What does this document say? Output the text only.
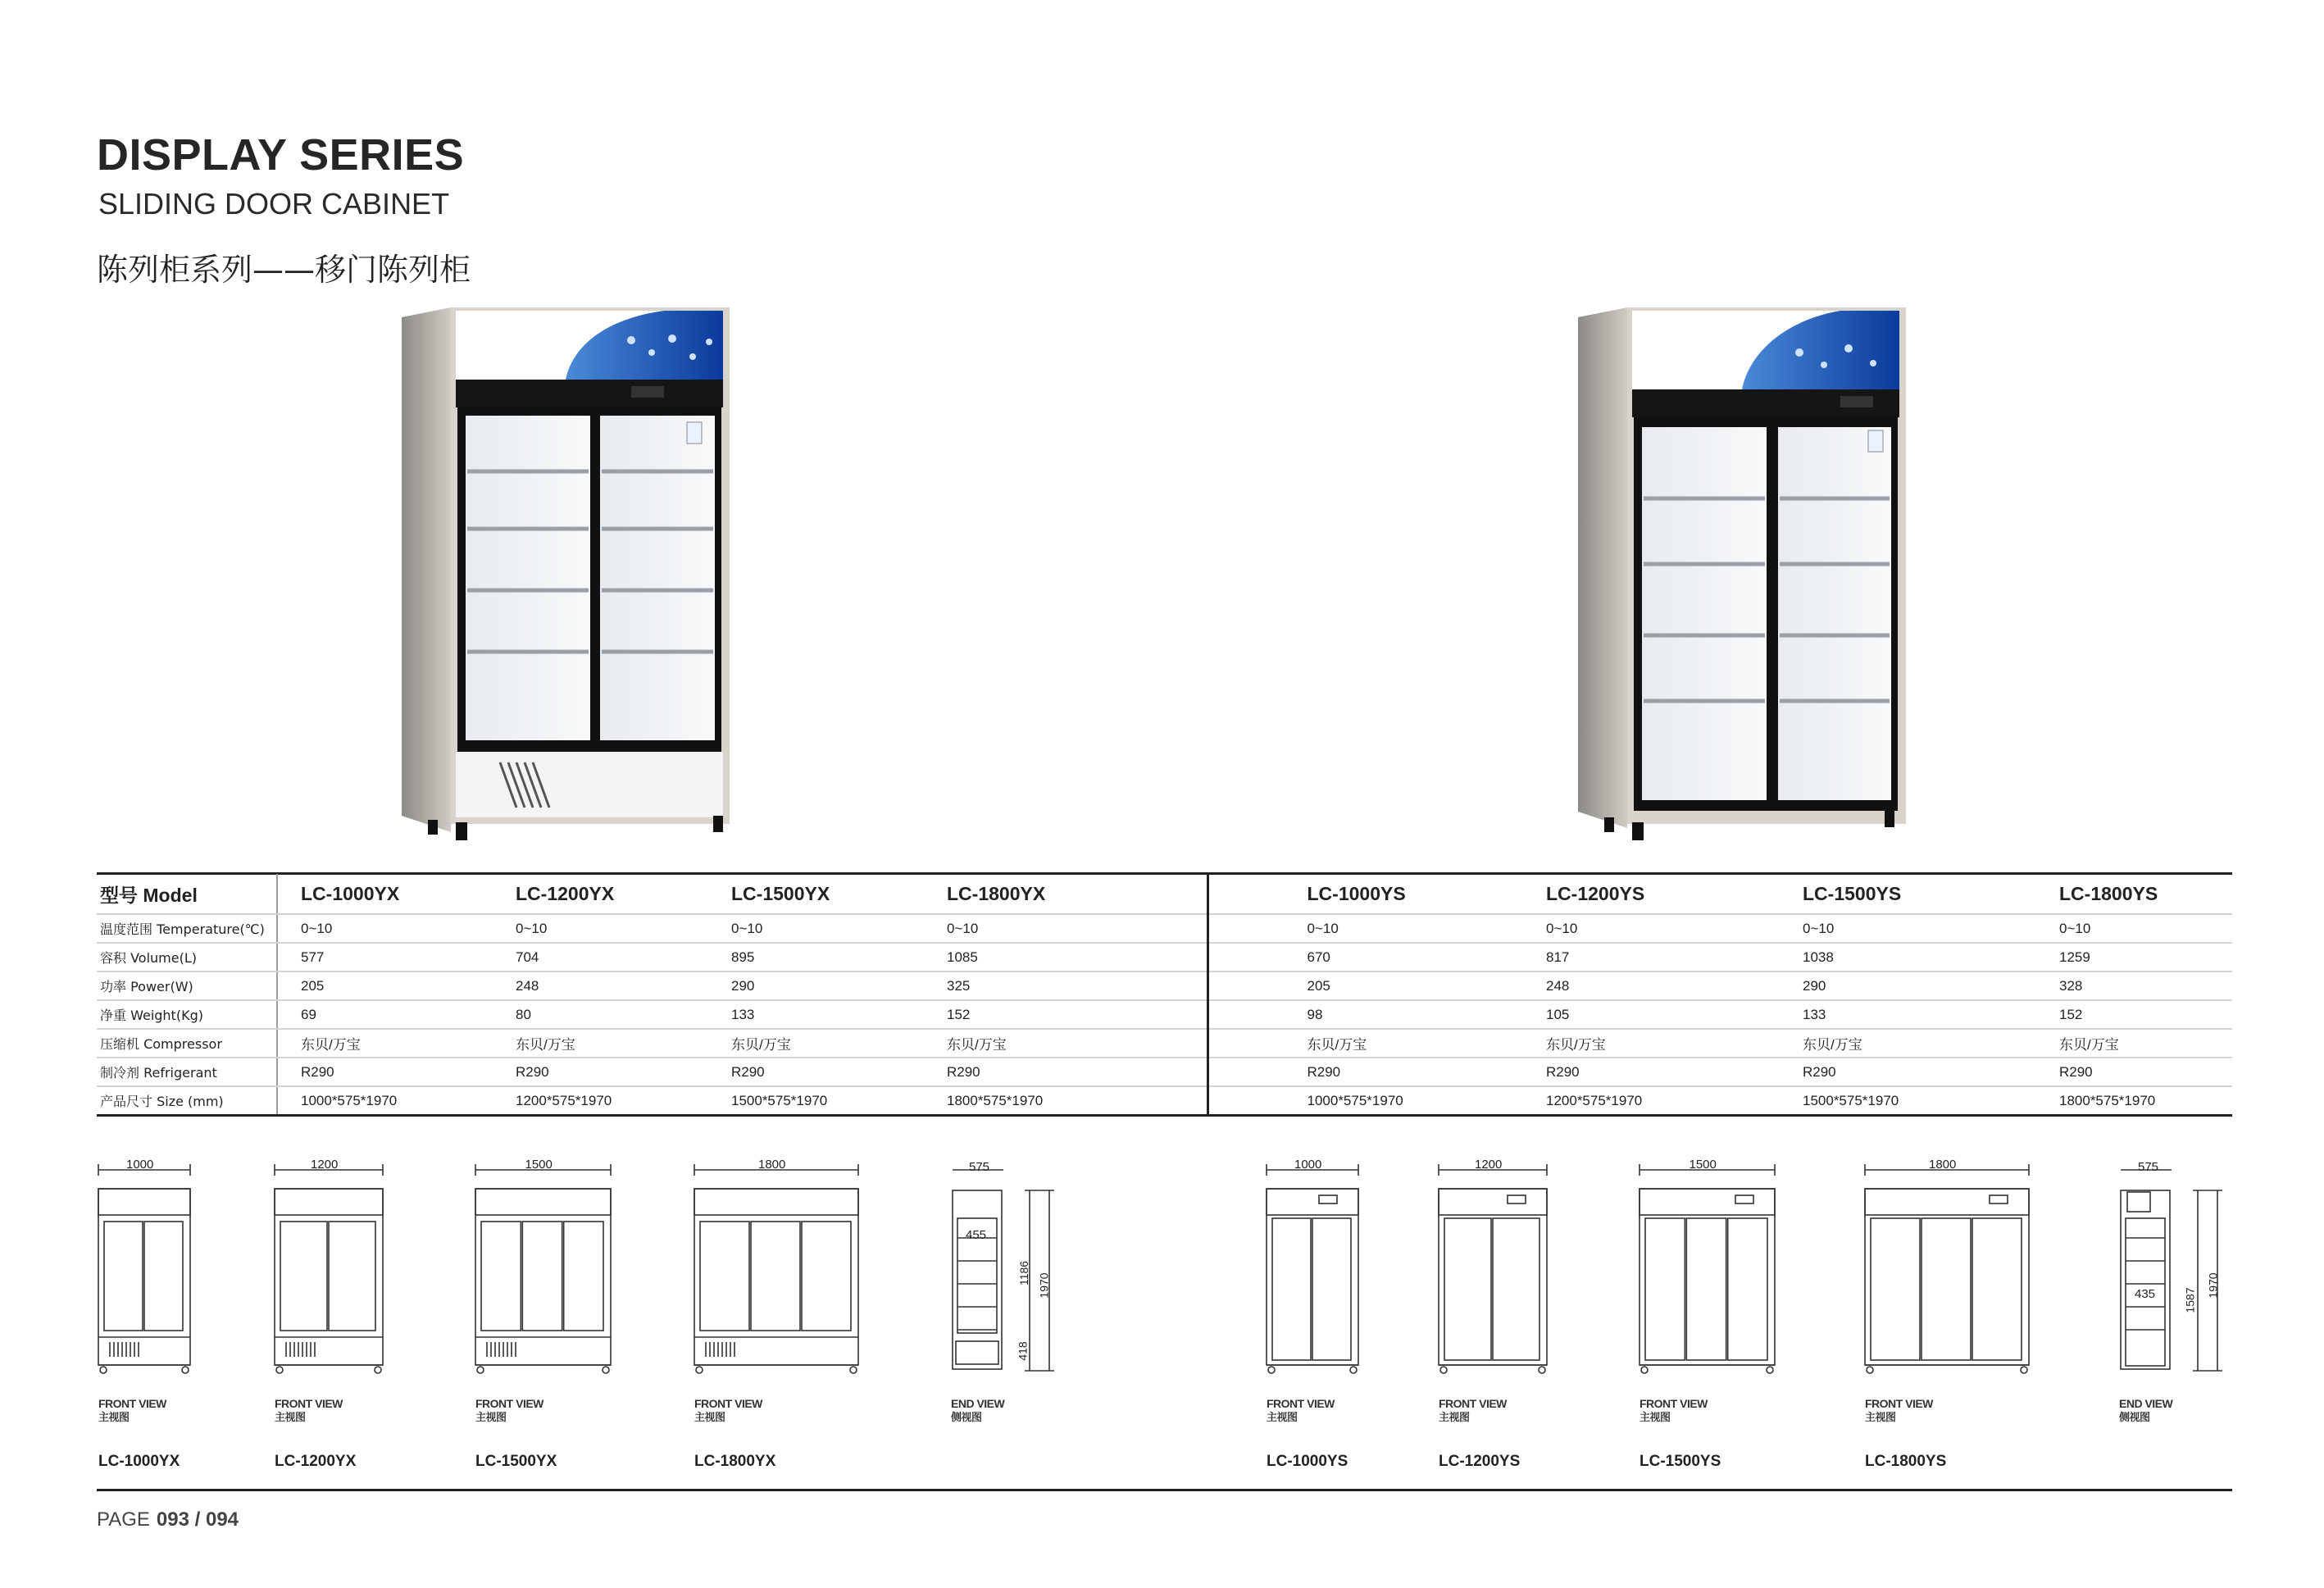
DISPLAY SERIES
SLIDING DOOR CABINET
陈列柜系列——移门陈列柜
型号 Model	LC-1000YX	LC-1200YX	LC-1500YX	LC-1800YX	LC-1000YS	LC-1200YS	LC-1500YS	LC-1800YS
温度范围 Temperature(℃)	0~10	0~10	0~10	0~10	0~10	0~10	0~10	0~10
容积 Volume(L)	577	704	895	1085	670	817	1038	1259
功率 Power(W)	205	248	290	325	205	248	290	328
净重 Weight(Kg)	69	80	133	152	98	105	133	152
压缩机 Compressor	东贝/万宝	东贝/万宝	东贝/万宝	东贝/万宝	东贝/万宝	东贝/万宝	东贝/万宝	东贝/万宝
制冷剂 Refrigerant	R290	R290	R290	R290	R290	R290	R290	R290
产品尺寸 Size (mm)	1000*575*1970	1200*575*1970	1500*575*1970	1800*575*1970	1000*575*1970	1200*575*1970	1500*575*1970	1800*575*1970
1000
FRONT VIEW
主视图
LC-1000YX
1200
FRONT VIEW
主视图
LC-1200YX
1500
FRONT VIEW
主视图
LC-1500YX
1800
FRONT VIEW
主视图
LC-1800YX
1000
FRONT VIEW
主视图
LC-1000YS
1200
FRONT VIEW
主视图
LC-1200YS
1500
FRONT VIEW
主视图
LC-1500YS
1800
FRONT VIEW
主视图
LC-1800YS
575
455
1186 1970
418
END VIEW
侧视图
575
435 1587
1970
END VIEW
侧视图
PAGE 093 / 094
